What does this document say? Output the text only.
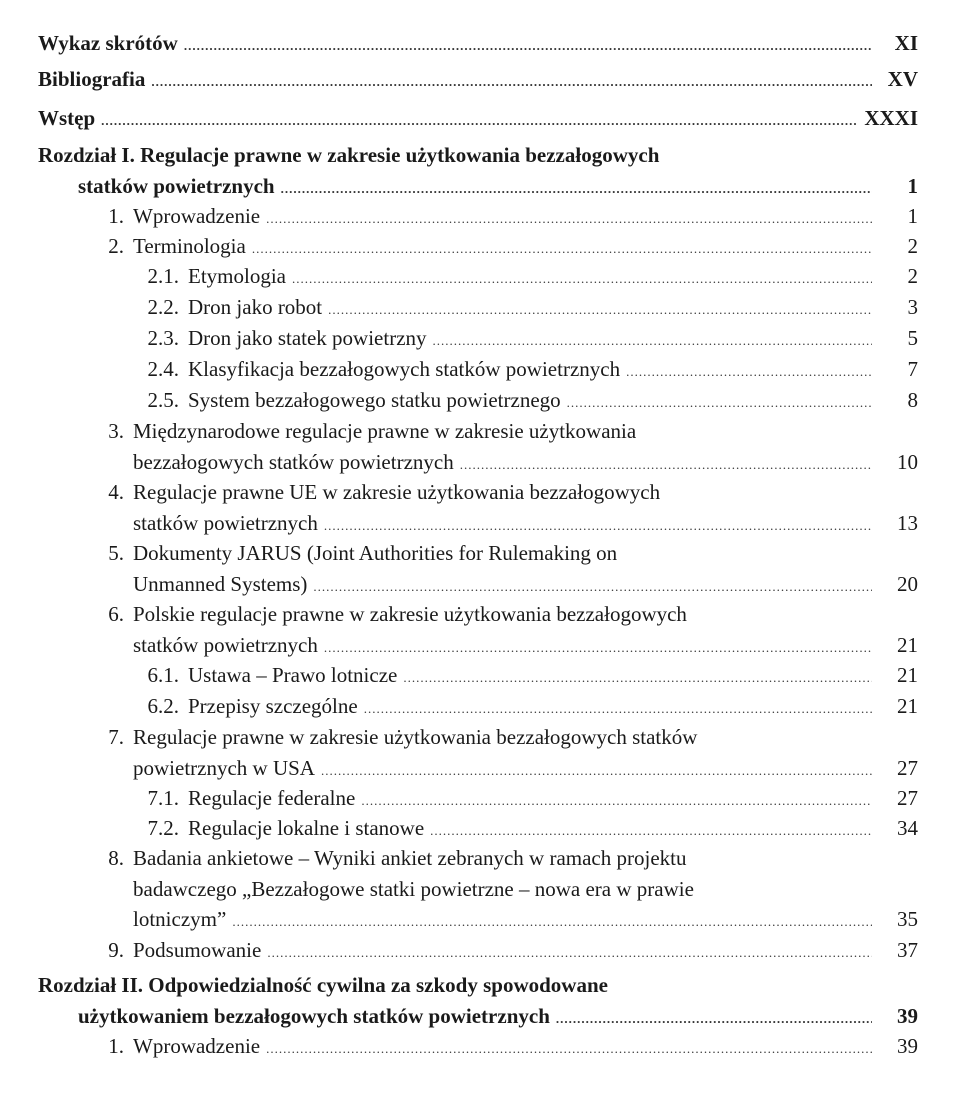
Wykaz skrótów .....	XI
Bibliografia .....	XV
Wstęp .....	XXXI
Rozdział I. Regulacje prawne w zakresie użytkowania bezzałogowych
statków powietrznych .....	1
1. Wprowadzenie .....	1
2. Terminologia .....	2
2.1. Etymologia .....	2
2.2. Dron jako robot .....	3
2.3. Dron jako statek powietrzny .....	5
2.4. Klasyfikacja bezzałogowych statków powietrznych .....	7
2.5. System bezzałogowego statku powietrznego .....	8
3. Międzynarodowe regulacje prawne w zakresie użytkowania
bezzałogowych statków powietrznych .....	10
4. Regulacje prawne UE w zakresie użytkowania bezzałogowych
statków powietrznych .....	13
5. Dokumenty JARUS (Joint Authorities for Rulemaking on
Unmanned Systems) .....	20
6. Polskie regulacje prawne w zakresie użytkowania bezzałogowych
statków powietrznych .....	21
6.1. Ustawa – Prawo lotnicze .....	21
6.2. Przepisy szczególne .....	21
7. Regulacje prawne w zakresie użytkowania bezzałogowych statków
powietrznych w USA .....	27
7.1. Regulacje federalne .....	27
7.2. Regulacje lokalne i stanowe .....	34
8. Badania ankietowe – Wyniki ankiet zebranych w ramach projektu
badawczego „Bezzałogowe statki powietrzne – nowa era w prawie
lotniczym” .....	35
9. Podsumowanie .....	37
Rozdział II. Odpowiedzialność cywilna za szkody spowodowane
użytkowaniem bezzałogowych statków powietrznych .....	39
1. Wprowadzenie .....	39
